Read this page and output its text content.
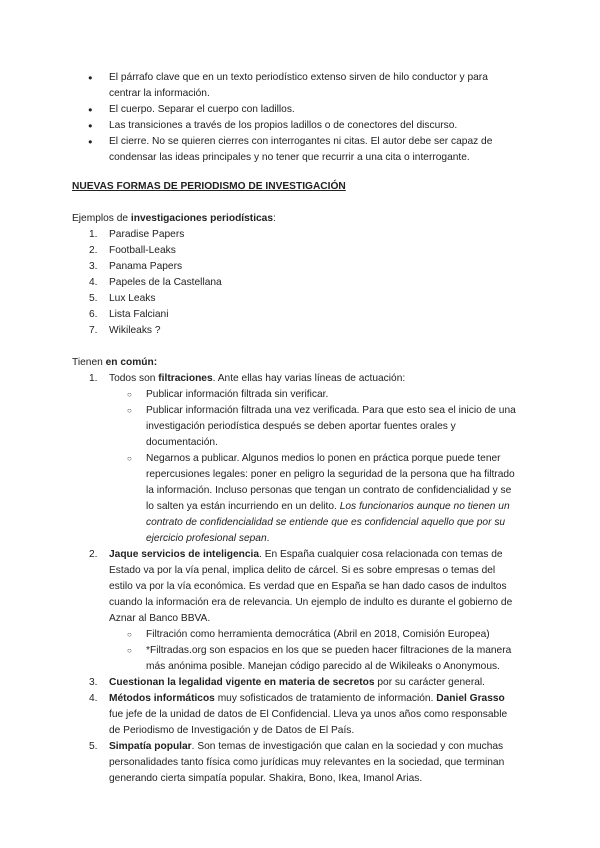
● El párrafo clave que en un texto periodístico extenso sirven de hilo conductor y para centrar la información.
● El cuerpo. Separar el cuerpo con ladillos.
● Las transiciones a través de los propios ladillos o de conectores del discurso.
● El cierre. No se quieren cierres con interrogantes ni citas. El autor debe ser capaz de condensar las ideas principales y no tener que recurrir a una cita o interrogante.
NUEVAS FORMAS DE PERIODISMO DE INVESTIGACIÓN
Ejemplos de investigaciones periodísticas:
1. Paradise Papers
2. Football-Leaks
3. Panama Papers
4. Papeles de la Castellana
5. Lux Leaks
6. Lista Falciani
7. Wikileaks ?
Tienen en común:
1. Todos son filtraciones. Ante ellas hay varias líneas de actuación:
○ Publicar información filtrada sin verificar.
○ Publicar información filtrada una vez verificada. Para que esto sea el inicio de una investigación periodística después se deben aportar fuentes orales y documentación.
○ Negarnos a publicar. Algunos medios lo ponen en práctica porque puede tener repercusiones legales: poner en peligro la seguridad de la persona que ha filtrado la información. Incluso personas que tengan un contrato de confidencialidad y se lo salten ya están incurriendo en un delito. Los funcionarios aunque no tienen un contrato de confidencialidad se entiende que es confidencial aquello que por su ejercicio profesional sepan.
2. Jaque servicios de inteligencia. En España cualquier cosa relacionada con temas de Estado va por la vía penal, implica delito de cárcel. Si es sobre empresas o temas del estilo va por la vía económica. Es verdad que en España se han dado casos de indultos cuando la información era de relevancia. Un ejemplo de indulto es durante el gobierno de Aznar al Banco BBVA.
○ Filtración como herramienta democrática (Abril en 2018, Comisión Europea)
○ *Filtradas.org son espacios en los que se pueden hacer filtraciones de la manera más anónima posible. Manejan código parecido al de Wikileaks o Anonymous.
3. Cuestionan la legalidad vigente en materia de secretos por su carácter general.
4. Métodos informáticos muy sofisticados de tratamiento de información. Daniel Grasso fue jefe de la unidad de datos de El Confidencial. Lleva ya unos años como responsable de Periodismo de Investigación y de Datos de El País.
5. Simpatía popular. Son temas de investigación que calan en la sociedad y con muchas personalidades tanto física como jurídicas muy relevantes en la sociedad, que terminan generando cierta simpatía popular. Shakira, Bono, Ikea, Imanol Arias.
